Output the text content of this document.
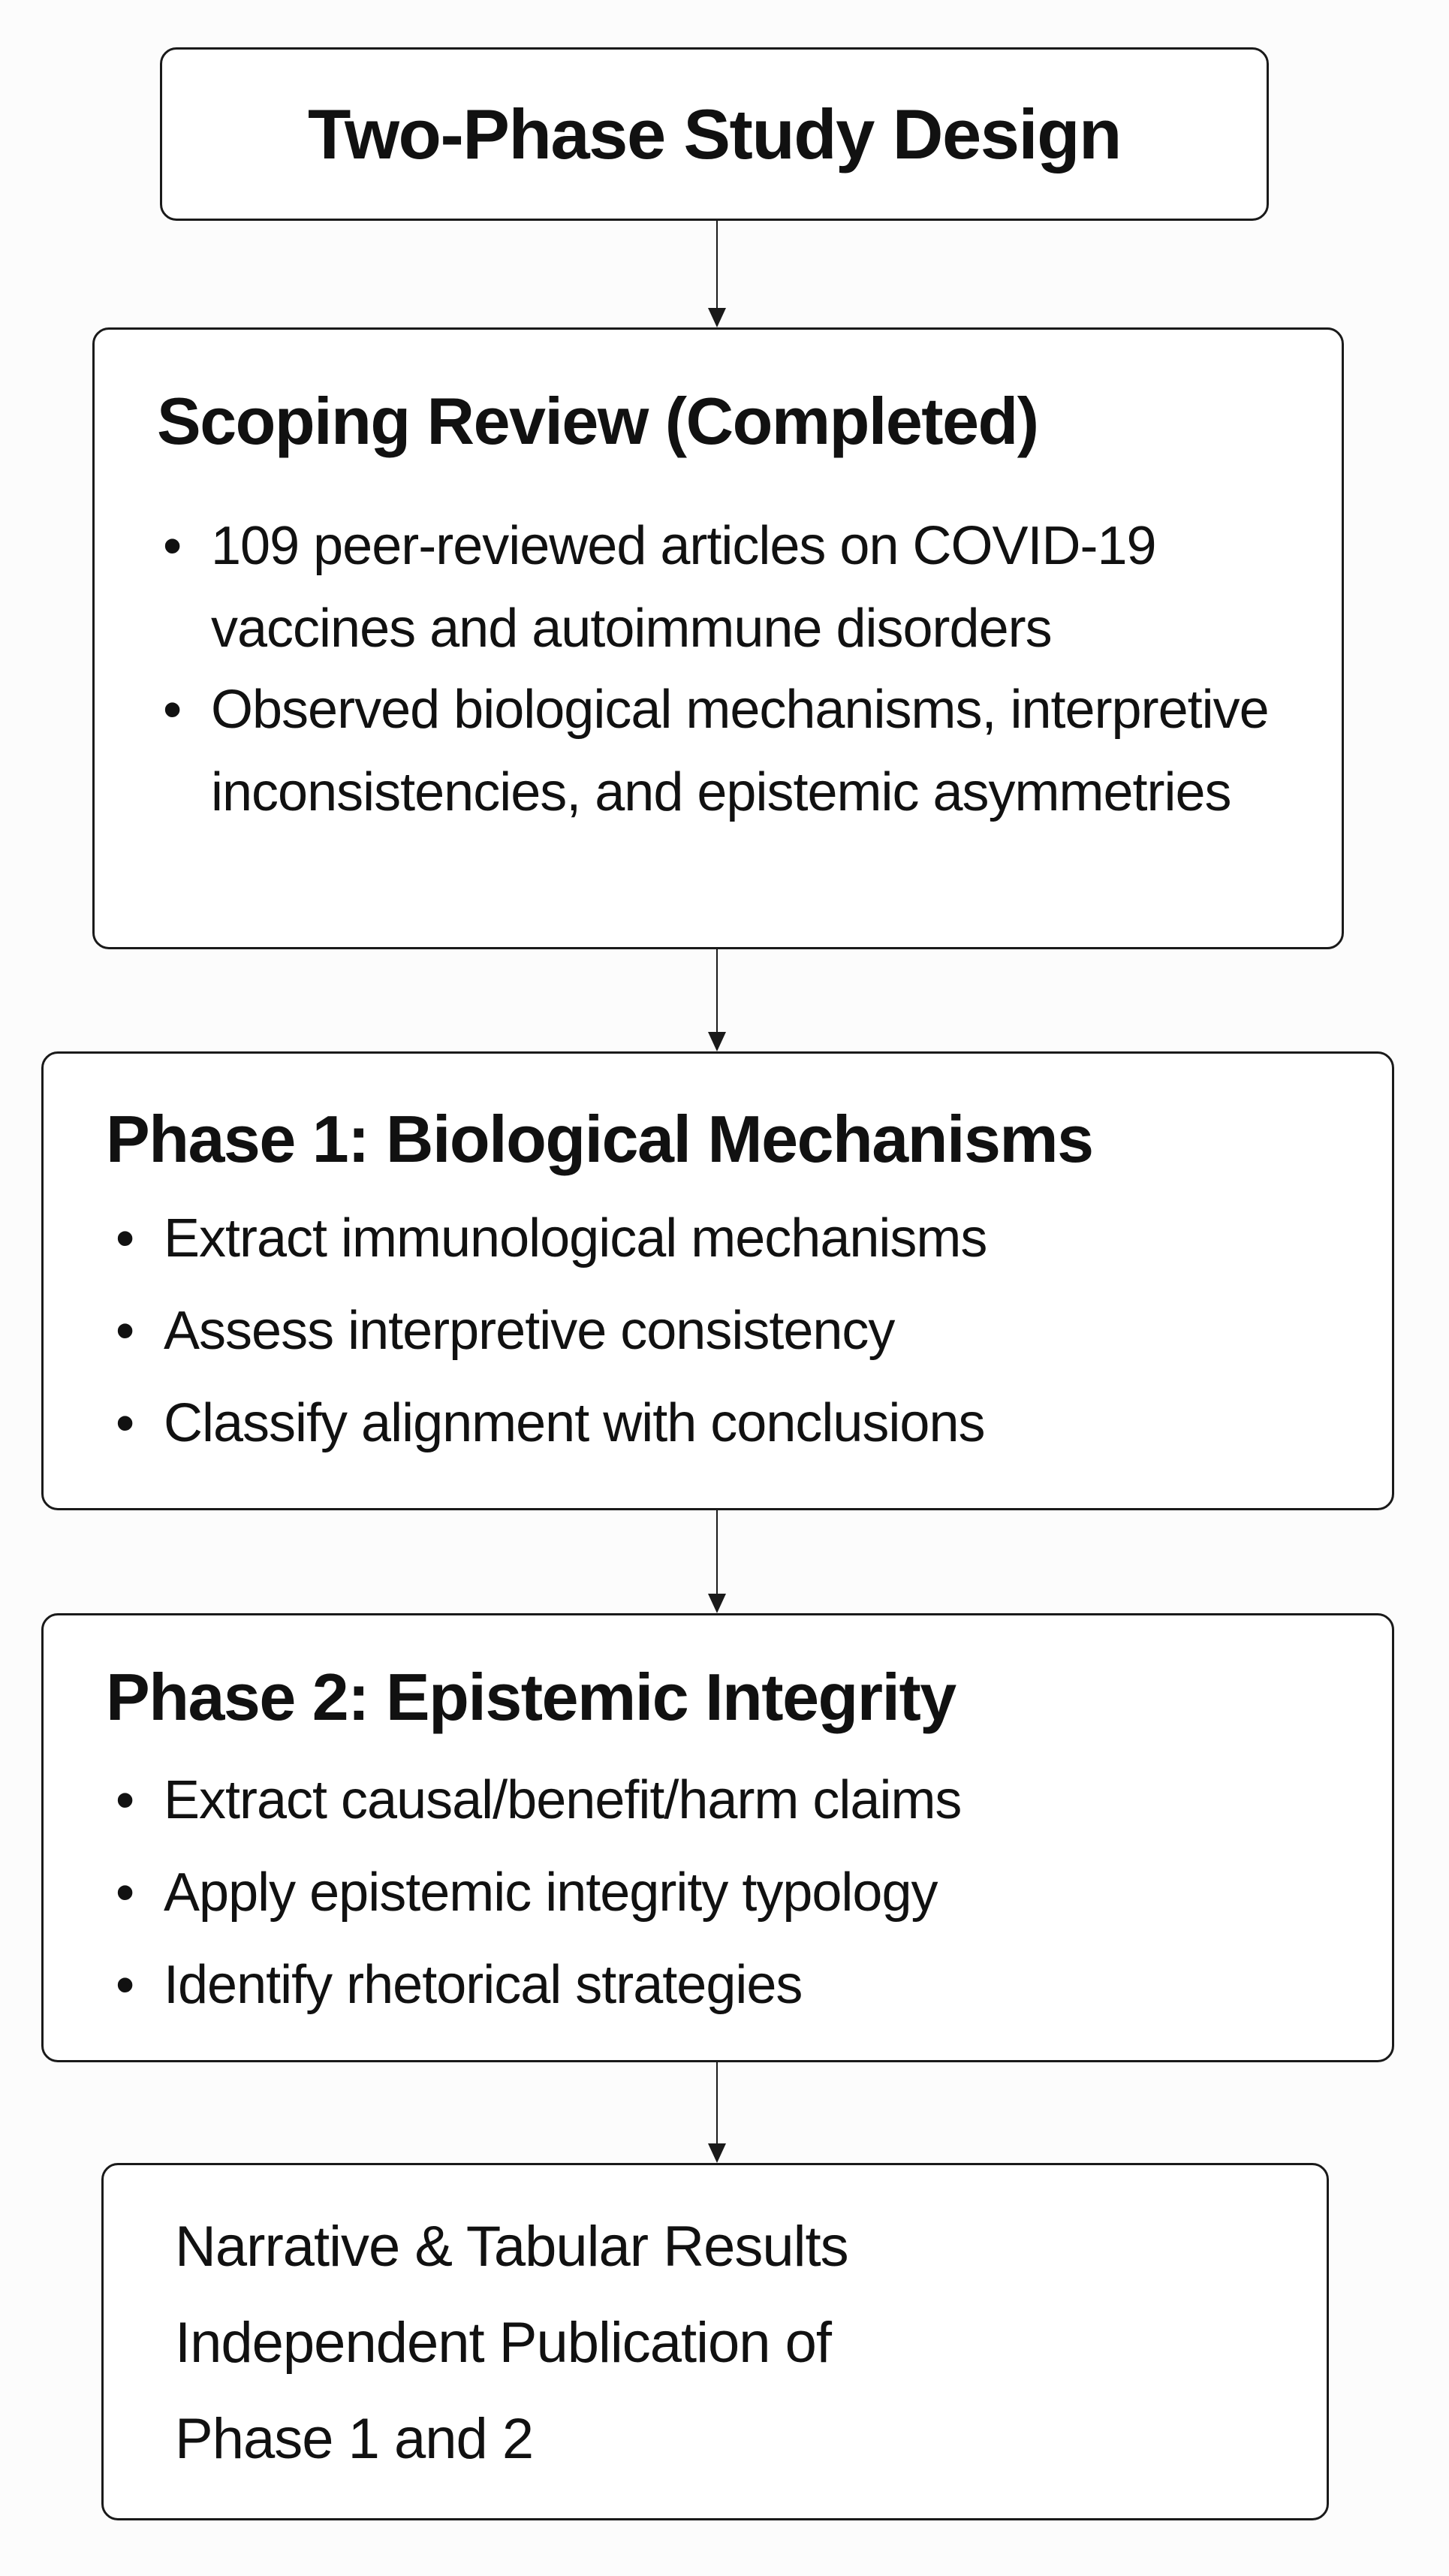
Two-Phase Study Design
Scoping Review (Completed)
• 109 peer-reviewed articles on COVID-19 vaccines and autoimmune disorders
• Observed biological mechanisms, interpretive inconsistencies, and epistemic asymmetries
Phase 1: Biological Mechanisms
• Extract immunological mechanisms
• Assess interpretive consistency
• Classify alignment with conclusions
Phase 2: Epistemic Integrity
• Extract causal/benefit/harm claims
• Apply epistemic integrity typology
• Identify rhetorical strategies
Narrative & Tabular Results
Independent Publication of
Phase 1 and 2
